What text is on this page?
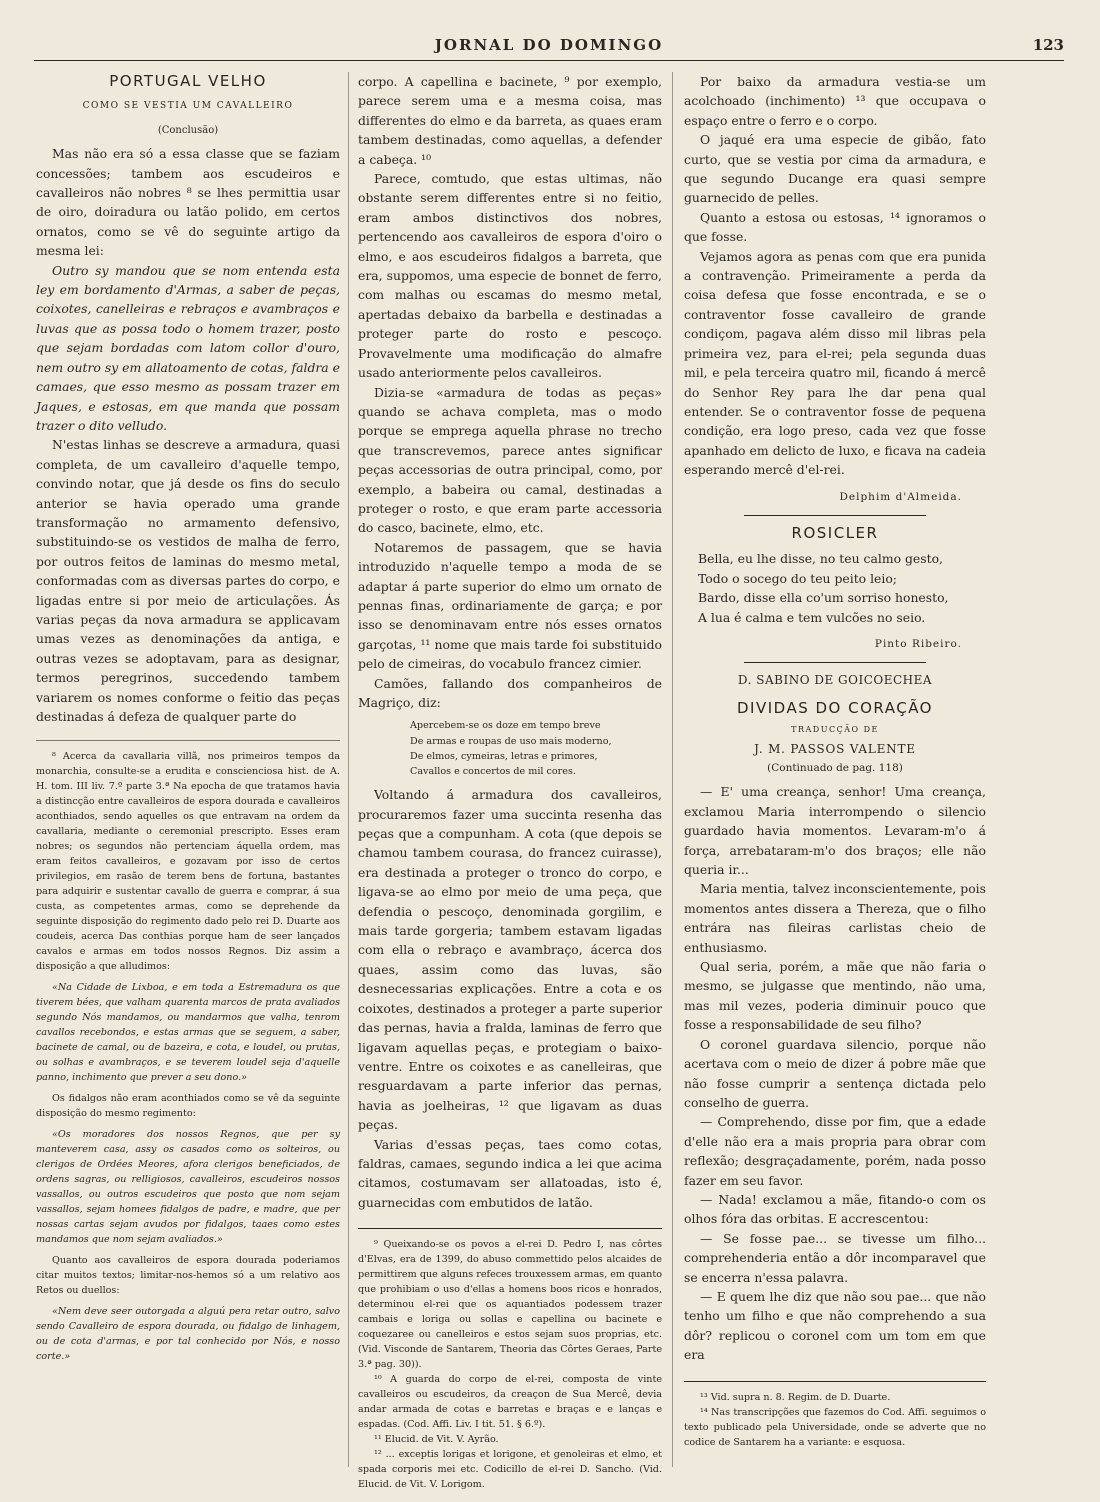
JORNAL DO DOMINGO	123
PORTUGAL VELHO
COMO SE VESTIA UM CAVALLEIRO
(Conclusão)

Mas não era só a essa classe que se faziam concessões; tambem aos escudeiros e cavalleiros não nobres ⁸ se lhes permittia usar de oiro, doiradura ou latão polido, em certos ornatos, como se vê do seguinte artigo da mesma lei:

Outro sy mandou que se nom entenda esta ley em bordamento d'Armas, a saber de peças, coixotes, canelleiras e rebraços e avambraços e luvas que as possa todo o homem trazer, posto que sejam bordadas com latom collor d'ouro, nem outro sy em allatoamento de cotas, faldra e camaes, que esso mesmo as possam trazer em Jaques, e estosas, em que manda que possam trazer o dito velludo.

N'estas linhas se descreve a armadura, quasi completa, de um cavalleiro d'aquelle tempo, convindo notar, que já desde os fins do seculo anterior se havia operado uma grande transformação no armamento defensivo, substituindo-se os vestidos de malha de ferro, por outros feitos de laminas do mesmo metal, conformadas com as diversas partes do corpo, e ligadas entre si por meio de articulações. Ás varias peças da nova armadura se applicavam umas vezes as denominações da antiga, e outras vezes se adoptavam, para as designar, termos peregrinos, succedendo tambem variarem os nomes conforme o feitio das peças destinadas á defeza de qualquer parte do

⁸ Acerca da cavallaria villã, nos primeiros tempos da monarchia, consulte-se a erudita e conscienciosa hist. de A. H. tom. III liv. 7.º parte 3.ª Na epocha de que tratamos havia a distincção entre cavalleiros de espora dourada e cavalleiros aconthiados, sendo aquelles os que entravam na ordem da cavallaria, mediante o ceremonial prescripto. Esses eram nobres; os segundos não pertenciam áquella ordem, mas eram feitos cavalleiros, e gozavam por isso de certos privilegios, em rasão de terem bens de fortuna, bastantes para adquirir e sustentar cavallo de guerra e comprar, á sua custa, as competentes armas, como se deprehende da seguinte disposição do regimento dado pelo rei D. Duarte aos coudeis, acerca Das conthias porque ham de seer lançados cavalos e armas em todos nossos Regnos. Diz assim a disposição a que alludimos:

«Na Cidade de Lixboa, e em toda a Estremadura os que tiverem bées, que valham quarenta marcos de prata avaliados segundo Nós mandamos, ou mandarmos que valha, tenrom cavallos recebondos, e estas armas que se seguem, a saber, bacinete de camal, ou de bazeira, e cota, e loudel, ou prutas, ou solhas e avambraços, e se teverem loudel seja d'aquelle panno, inchimento que prever a seu dono.»

Os fidalgos não eram aconthiados como se vê da seguinte disposição do mesmo regimento:

«Os moradores dos nossos Regnos, que per sy manteverem casa, assy os casados como os solteiros, ou clerigos de Ordées Meores, afora clerigos beneficiados, de ordens sagras, ou relligiosos, cavalleiros, escudeiros nossos vassallos, ou outros escudeiros que posto que nom sejam vassallos, sejam homees fidalgos de padre, e madre, que per nossas cartas sejam avudos por fidalgos, taaes como estes mandamos que nom sejam avaliados.»

Quanto aos cavalleiros de espora dourada poderiamos citar muitos textos; limitar-nos-hemos só a um relativo aos Retos ou duellos:

«Nem deve seer outorgada a alguú pera retar outro, salvo sendo Cavalleiro de espora dourada, ou fidalgo de linhagem, ou de cota d'armas, e por tal conhecido por Nós, e nosso corte.»

corpo. A capellina e bacinete, ⁹ por exemplo, parece serem uma e a mesma coisa, mas differentes do elmo e da barreta, as quaes eram tambem destinadas, como aquellas, a defender a cabeça. ¹⁰

Parece, comtudo, que estas ultimas, não obstante serem differentes entre si no feitio, eram ambos distinctivos dos nobres, pertencendo aos cavalleiros de espora d'oiro o elmo, e aos escudeiros fidalgos a barreta, que era, suppomos, uma especie de bonnet de ferro, com malhas ou escamas do mesmo metal, apertadas debaixo da barbella e destinadas a proteger parte do rosto e pescoço. Provavelmente uma modificação do almafre usado anteriormente pelos cavalleiros.

Dizia-se «armadura de todas as peças» quando se achava completa, mas o modo porque se emprega aquella phrase no trecho que transcrevemos, parece antes significar peças accessorias de outra principal, como, por exemplo, a babeira ou camal, destinadas a proteger o rosto, e que eram parte accessoria do casco, bacinete, elmo, etc.

Notaremos de passagem, que se havia introduzido n'aquelle tempo a moda de se adaptar á parte superior do elmo um ornato de pennas finas, ordinariamente de garça; e por isso se denominavam entre nós esses ornatos garçotas, ¹¹ nome que mais tarde foi substituido pelo de cimeiras, do vocabulo francez cimier.

Camões, fallando dos companheiros de Magriço, diz:

Apercebem-se os doze em tempo breve
De armas e roupas de uso mais moderno,
De elmos, cymeiras, letras e primores,
Cavallos e concertos de mil cores.

Voltando á armadura dos cavalleiros, procuraremos fazer uma succinta resenha das peças que a compunham. A cota (que depois se chamou tambem courasa, do francez cuirasse), era destinada a proteger o tronco do corpo, e ligava-se ao elmo por meio de uma peça, que defendia o pescoço, denominada gorgilim, e mais tarde gorgeria; tambem estavam ligadas com ella o rebraço e avambraço, ácerca dos quaes, assim como das luvas, são desnecessarias explicações. Entre a cota e os coixotes, destinados a proteger a parte superior das pernas, havia a fralda, laminas de ferro que ligavam aquellas peças, e protegiam o baixo-ventre. Entre os coixotes e as canelleiras, que resguardavam a parte inferior das pernas, havia as joelheiras, ¹² que ligavam as duas peças.

Varias d'essas peças, taes como cotas, faldras, camaes, segundo indica a lei que acima citamos, costumavam ser allatoadas, isto é, guarnecidas com embutidos de latão.

⁹ Queixando-se os povos a el-rei D. Pedro I, nas côrtes d'Elvas, era de 1399, do abuso commettido pelos alcaides de permittirem que alguns refeces trouxessem armas, em quanto que prohibiam o uso d'ellas a homens boos ricos e honrados, determinou el-rei que os aquantiados podessem trazer cambais e loriga ou sollas e capellina ou bacinete e coquezaree ou canelleiros e estos sejam suos proprias, etc. (Vid. Visconde de Santarem, Theoria das Côrtes Geraes, Parte 3.ª pag. 30)).

¹⁰ A guarda do corpo de el-rei, composta de vinte cavalleiros ou escudeiros, da creaçon de Sua Mercê, devia andar armada de cotas e barretas e braças e e lanças e espadas. (Cod. Affi. Liv. I tit. 51. § 6.º).

¹¹ Elucid. de Vit. V. Ayrão.

¹² ... exceptis lorigas et lorigone, et genoleiras et elmo, et spada corporis mei etc. Codicillo de el-rei D. Sancho. (Vid. Elucid. de Vit. V. Lorigom.

Por baixo da armadura vestia-se um acolchoado (inchimento) ¹³ que occupava o espaço entre o ferro e o corpo.

O jaqué era uma especie de gibão, fato curto, que se vestia por cima da armadura, e que segundo Ducange era quasi sempre guarnecido de pelles.

Quanto a estosa ou estosas, ¹⁴ ignoramos o que fosse.

Vejamos agora as penas com que era punida a contravenção. Primeiramente a perda da coisa defesa que fosse encontrada, e se o contraventor fosse cavalleiro de grande condiçom, pagava além disso mil libras pela primeira vez, para el-rei; pela segunda duas mil, e pela terceira quatro mil, ficando á mercê do Senhor Rey para lhe dar pena qual entender. Se o contraventor fosse de pequena condição, era logo preso, cada vez que fosse apanhado em delicto de luxo, e ficava na cadeia esperando mercê d'el-rei.

Delphim d'Almeida.
ROSICLER
Bella, eu lhe disse, no teu calmo gesto,
Todo o socego do teu peito leio;
Bardo, disse ella co'um sorriso honesto,
A lua é calma e tem vulcões no seio.
Pinto Ribeiro.
D. SABINO DE GOICOECHEA
DIVIDAS DO CORAÇÃO
TRADUCÇÃO DE
J. M. PASSOS VALENTE
(Continuado de pag. 118)

— E' uma creança, senhor! Uma creança, exclamou Maria interrompendo o silencio guardado havia momentos. Levaram-m'o á força, arrebataram-m'o dos braços; elle não queria ir...

Maria mentia, talvez inconscientemente, pois momentos antes dissera a Thereza, que o filho entrára nas fileiras carlistas cheio de enthusiasmo.

Qual seria, porém, a mãe que não faria o mesmo, se julgasse que mentindo, não uma, mas mil vezes, poderia diminuir pouco que fosse a responsabilidade de seu filho?

O coronel guardava silencio, porque não acertava com o meio de dizer á pobre mãe que não fosse cumprir a sentença dictada pelo conselho de guerra.

— Comprehendo, disse por fim, que a edade d'elle não era a mais propria para obrar com reflexão; desgraçadamente, porém, nada posso fazer em seu favor.

— Nada! exclamou a mãe, fitando-o com os olhos fóra das orbitas. E accrescentou:

— Se fosse pae... se tivesse um filho... comprehenderia então a dôr incomparavel que se encerra n'essa palavra.

— E quem lhe diz que não sou pae... que não tenho um filho e que não comprehendo a sua dôr? replicou o coronel com um tom em que era

¹³ Vid. supra n. 8. Regim. de D. Duarte.

¹⁴ Nas transcripções que fazemos do Cod. Affi. seguimos o texto publicado pela Universidade, onde se adverte que no codice de Santarem ha a variante: e esquosa.
